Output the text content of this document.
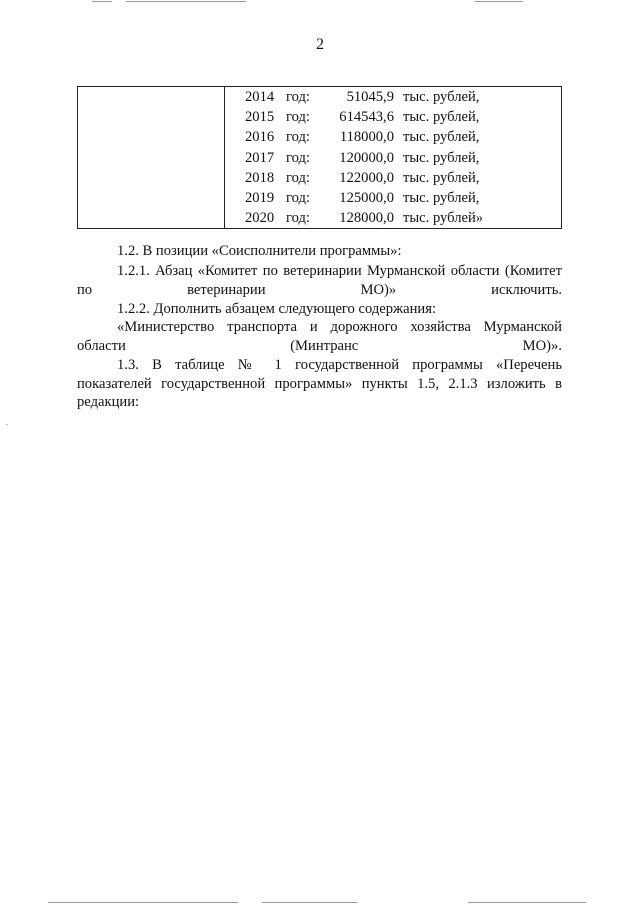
2

2014 год:	51045,9 тыс. рублей,
2015 год: 614543,6 тыс. рублей,
2016 год: 118000,0 тыс. рублей,
2017 год: 120000,0 тыс. рублей,
2018 год: 122000,0 тыс. рублей,
2019 год: 125000,0 тыс. рублей,
2020 год: 128000,0 тыс. рублей»

1.2. В позиции «Соисполнители программы»:

1.2.1. Абзац «Комитет по ветеринарии Мурманской области (Комитет по ветеринарии МО)» исключить.

1.2.2. Дополнить абзацем следующего содержания:

«Министерство транспорта и дорожного хозяйства Мурманской области (Минтранс МО)».

1.3. В таблице № 1 государственной программы «Перечень показателей государственной программы» пункты 1.5, 2.1.3 изложить в редакции:
